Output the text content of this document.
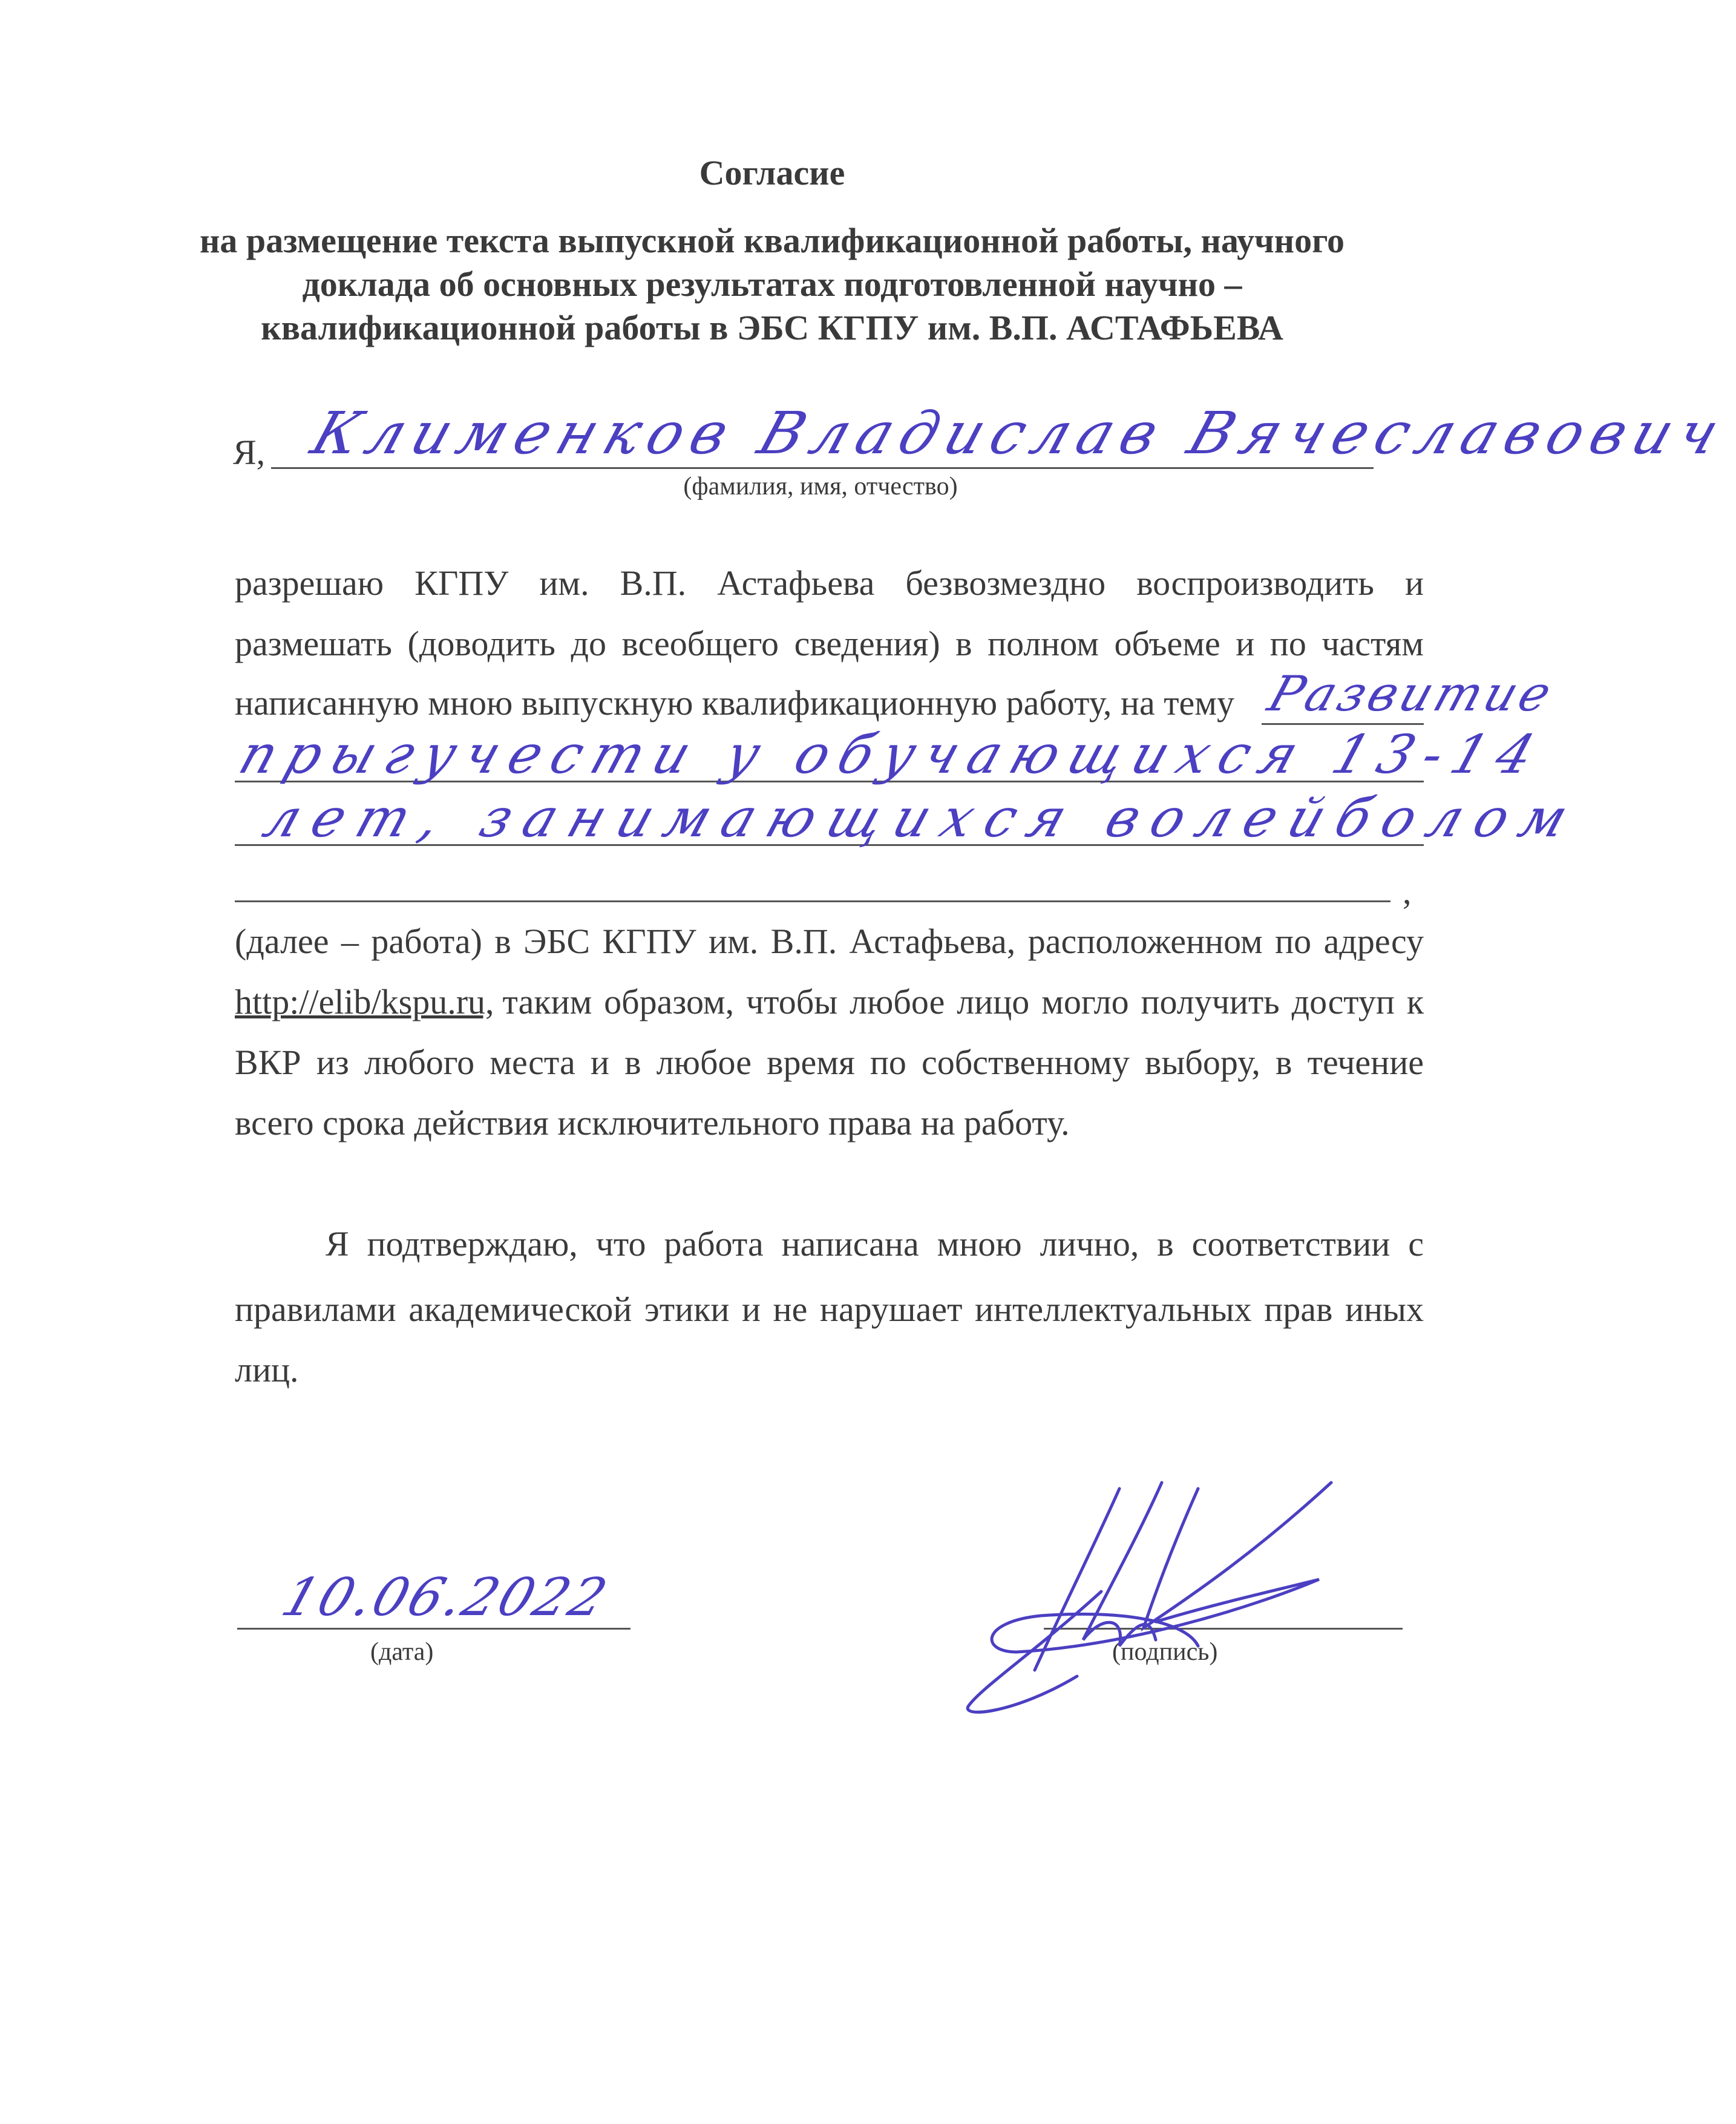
Согласие
на размещение текста выпускной квалификационной работы, научного
доклада об основных результатах подготовленной научно –
квалификационной работы в ЭБС КГПУ им. В.П. АСТАФЬЕВА
Я, Клименков Владислав Вячеславович
(фамилия, имя, отчество)
разрешаю КГПУ им. В.П. Астафьева безвозмездно воспроизводить и
размешать (доводить до всеобщего сведения) в полном объеме и по частям
написанную мною выпускную квалификационную работу, на тему Развитие
прыгучести у обучающихся 13-14
лет, занимающихся волейболом
,
(далее – работа) в ЭБС КГПУ им. В.П. Астафьева, расположенном по адресу
http://elib/kspu.ru, таким образом, чтобы любое лицо могло получить доступ к
ВКР из любого места и в любое время по собственному выбору, в течение
всего срока действия исключительного права на работу.
Я подтверждаю, что работа написана мною лично, в соответствии с
правилами академической этики и не нарушает интеллектуальных прав иных
лиц.
10.06.2022
(дата)	(подпись)
